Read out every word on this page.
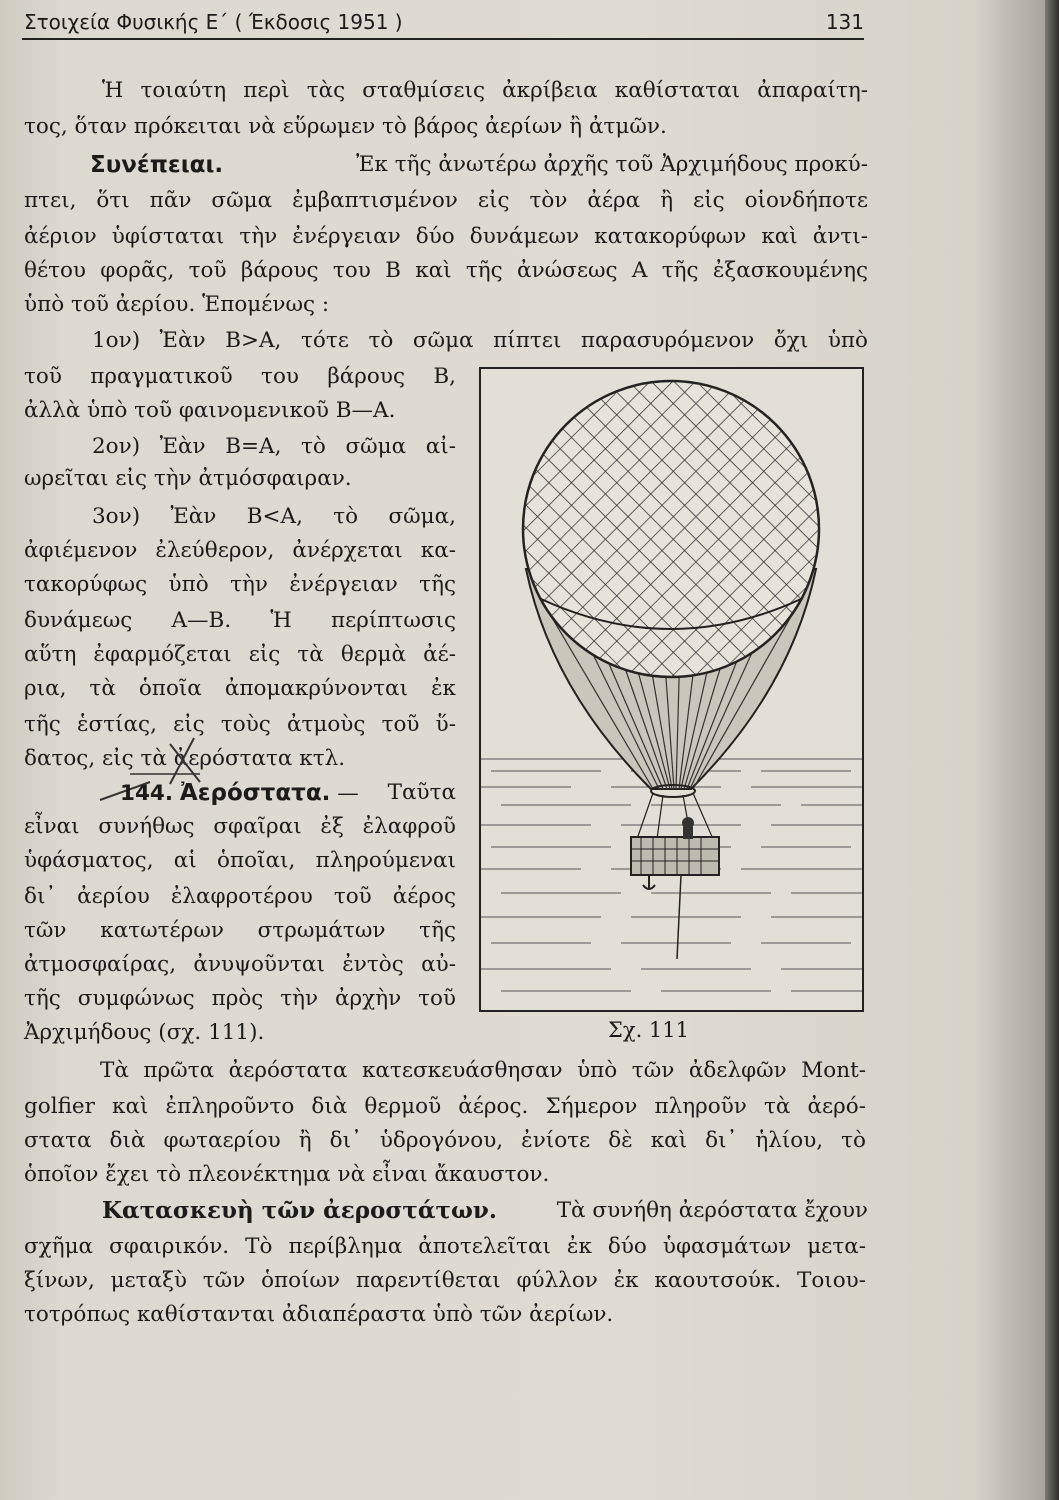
Στοιχεία Φυσικής Ε΄ ( Έκδοσις 1951 )	131
Ἡ τοιαύτη περὶ τὰς σταθμίσεις ἀκρίβεια καθίσταται ἀπαραίτη-
τος, ὅταν πρόκειται νὰ εὕρωμεν τὸ βάρος ἀερίων ἢ ἀτμῶν.
Συνέπειαι.	Ἐκ τῆς ἀνωτέρω ἀρχῆς τοῦ Ἀρχιμήδους προκύ-
πτει, ὅτι πᾶν σῶμα ἐμβαπτισμένον εἰς τὸν ἀέρα ἢ εἰς οἱονδήποτε
ἀέριον ὑφίσταται τὴν ἐνέργειαν δύο δυνάμεων κατακορύφων καὶ ἀντι-
θέτου φορᾶς, τοῦ βάρους του Β καὶ τῆς ἀνώσεως Α τῆς ἐξασκουμένης
ὑπὸ τοῦ ἀερίου. Ἑπομένως :
1ον) Ἐὰν Β>Α, τότε τὸ σῶμα πίπτει παρασυρόμενον ὄχι ὑπὸ
τοῦ πραγματικοῦ του βάρους Β,
ἀλλὰ ὑπὸ τοῦ φαινομενικοῦ Β—Α.
2ον) Ἐὰν Β=Α, τὸ σῶμα αἰ-
ωρεῖται εἰς τὴν ἀτμόσφαιραν.
3ον) Ἐὰν Β<Α, τὸ σῶμα,
ἀφιέμενον ἐλεύθερον, ἀνέρχεται κα-
τακορύφως ὑπὸ τὴν ἐνέργειαν τῆς
δυνάμεως Α—Β. Ἡ περίπτωσις
αὕτη ἐφαρμόζεται εἰς τὰ θερμὰ ἀέ-
ρια, τὰ ὁποῖα ἀπομακρύνονται ἐκ
τῆς ἑστίας, εἰς τοὺς ἀτμοὺς τοῦ ὕ-
δατος, εἰς τὰ ἀερόστατα κτλ.
144. Ἀερόστατα. — Ταῦτα
εἶναι συνήθως σφαῖραι ἐξ ἐλαφροῦ
ὑφάσματος, αἱ ὁποῖαι, πληρούμεναι
δι᾽ ἀερίου ἐλαφροτέρου τοῦ ἀέρος
τῶν κατωτέρων στρωμάτων τῆς
ἀτμοσφαίρας, ἀνυψοῦνται ἐντὸς αὐ-
τῆς συμφώνως πρὸς τὴν ἀρχὴν τοῦ
Ἀρχιμήδους (σχ. 111).	Σχ. 111
Τὰ πρῶτα ἀερόστατα κατεσκευάσθησαν ὑπὸ τῶν ἀδελφῶν Mont-
golfier καὶ ἐπληροῦντο διὰ θερμοῦ ἀέρος. Σήμερον πληροῦν τὰ ἀερό-
στατα διὰ φωταερίου ἢ δι᾽ ὑδρογόνου, ἐνίοτε δὲ καὶ δι᾽ ἡλίου, τὸ
ὁποῖον ἔχει τὸ πλεονέκτημα νὰ εἶναι ἄκαυστον.
Κατασκευὴ τῶν ἀεροστάτων.	Τὰ συνήθη ἀερόστατα ἔχουν
σχῆμα σφαιρικόν. Τὸ περίβλημα ἀποτελεῖται ἐκ δύο ὑφασμάτων μετα-
ξίνων, μεταξὺ τῶν ὁποίων παρεντίθεται φύλλον ἐκ καουτσούκ. Τοιου-
τοτρόπως καθίστανται ἀδιαπέραστα ὑπὸ τῶν ἀερίων.
